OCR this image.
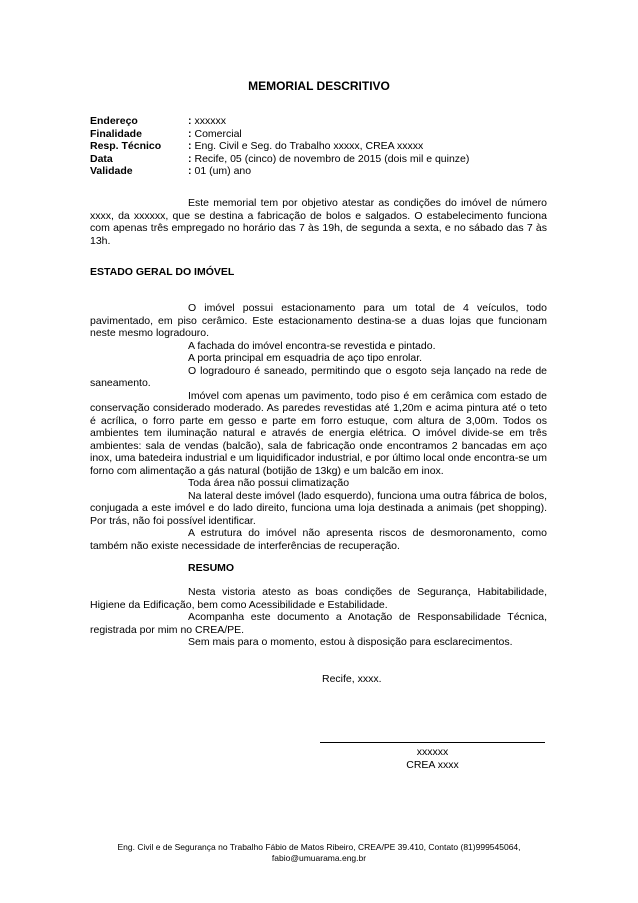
MEMORIAL DESCRITIVO
Endereço	: xxxxxx
Finalidade	: Comercial
Resp. Técnico	: Eng. Civil e Seg. do Trabalho xxxxx, CREA xxxxx
Data	: Recife, 05 (cinco) de novembro de 2015 (dois mil e quinze)
Validade	: 01 (um) ano

Este memorial tem por objetivo atestar as condições do imóvel de número xxxx, da xxxxxx, que se destina a fabricação de bolos e salgados. O estabelecimento funciona com apenas três empregado no horário das 7 às 19h, de segunda a sexta, e no sábado das 7 às 13h.

ESTADO GERAL DO IMÓVEL

O imóvel possui estacionamento para um total de 4 veículos, todo pavimentado, em piso cerâmico. Este estacionamento destina-se a duas lojas que funcionam neste mesmo logradouro.

A fachada do imóvel encontra-se revestida e pintado.

A porta principal em esquadria de aço tipo enrolar.

O logradouro é saneado, permitindo que o esgoto seja lançado na rede de saneamento.

Imóvel com apenas um pavimento, todo piso é em cerâmica com estado de conservação considerado moderado. As paredes revestidas até 1,20m e acima pintura até o teto é acrílica, o forro parte em gesso e parte em forro estuque, com altura de 3,00m. Todos os ambientes tem iluminação natural e através de energia elétrica. O imóvel divide-se em três ambientes: sala de vendas (balcão), sala de fabricação onde encontramos 2 bancadas em aço inox, uma batedeira industrial e um liquidificador industrial, e por último local onde encontra-se um forno com alimentação a gás natural (botijão de 13kg) e um balcão em inox.

Toda área não possui climatização

Na lateral deste imóvel (lado esquerdo), funciona uma outra fábrica de bolos, conjugada a este imóvel e do lado direito, funciona uma loja destinada a animais (pet shopping). Por trás, não foi possível identificar.

A estrutura do imóvel não apresenta riscos de desmoronamento, como também não existe necessidade de interferências de recuperação.

RESUMO

Nesta vistoria atesto as boas condições de Segurança, Habitabilidade, Higiene da Edificação, bem como Acessibilidade e Estabilidade.

Acompanha este documento a Anotação de Responsabilidade Técnica, registrada por mim no CREA/PE.

Sem mais para o momento, estou à disposição para esclarecimentos.

Recife, xxxx.
xxxxxx
CREA xxxx
Eng. Civil e de Segurança no Trabalho Fábio de Matos Ribeiro, CREA/PE 39.410, Contato (81)999545064,
fabio@umuarama.eng.br
